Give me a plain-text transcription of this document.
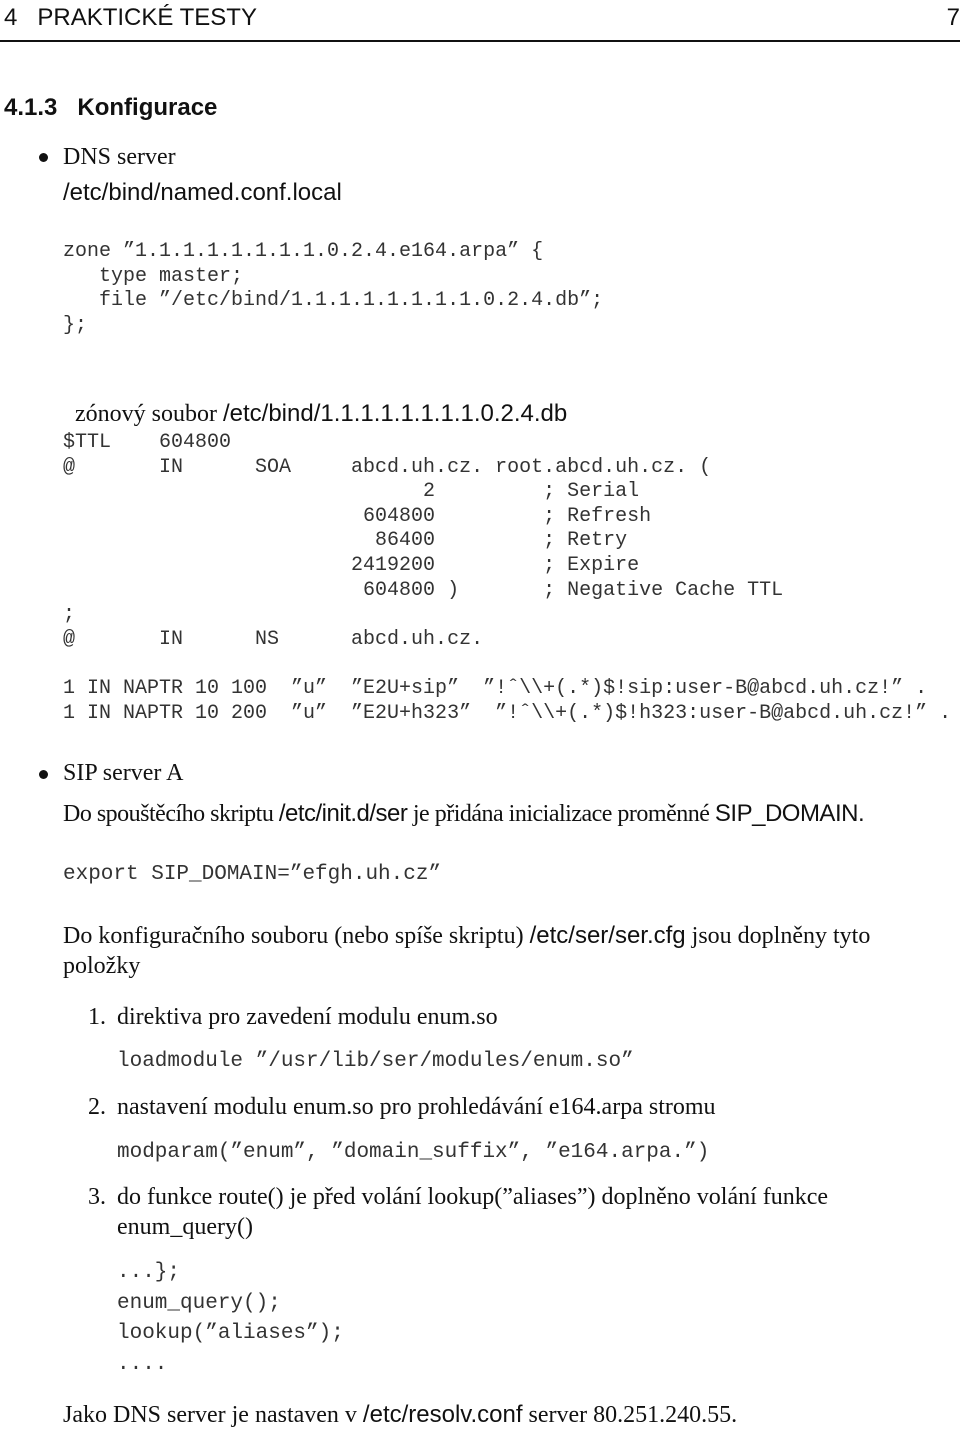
4   PRAKTICKÉ TESTY	7
4.1.3   Konfigurace
DNS server
/etc/bind/named.conf.local
zone ”1.1.1.1.1.1.1.1.0.2.4.e164.arpa” {
type master;
file ”/etc/bind/1.1.1.1.1.1.1.1.0.2.4.db”;
};

zónový soubor /etc/bind/1.1.1.1.1.1.1.1.0.2.4.db

$TTL    604800
@       IN      SOA     abcd.uh.cz. root.abcd.uh.cz. (
2         ; Serial
604800         ; Refresh
86400         ; Retry
2419200         ; Expire
604800 )       ; Negative Cache TTL
;
@       IN      NS      abcd.uh.cz.

1 IN NAPTR 10 100  ”u”  ”E2U+sip”  ”!ˆ\\+(.*)$!sip:user-B@abcd.uh.cz!” .
1 IN NAPTR 10 200  ”u”  ”E2U+h323”  ”!ˆ\\+(.*)$!h323:user-B@abcd.uh.cz!” .
SIP server A
Do spouštěcího skriptu /etc/init.d/ser je přidána inicializace proměnné SIP_DOMAIN.
export SIP_DOMAIN=”efgh.uh.cz”
Do konfiguračního souboru (nebo spíše skriptu) /etc/ser/ser.cfg jsou doplněny tyto
položky
1. direktiva pro zavedení modulu enum.so
loadmodule ”/usr/lib/ser/modules/enum.so”
2. nastavení modulu enum.so pro prohledávání e164.arpa stromu
modparam(”enum”, ”domain_suffix”, ”e164.arpa.”)
3. do funkce route() je před volání lookup(”aliases”) doplněno volání funkce
enum_query()
...};
enum_query();
lookup(”aliases”);
....
Jako DNS server je nastaven v /etc/resolv.conf server 80.251.240.55.
